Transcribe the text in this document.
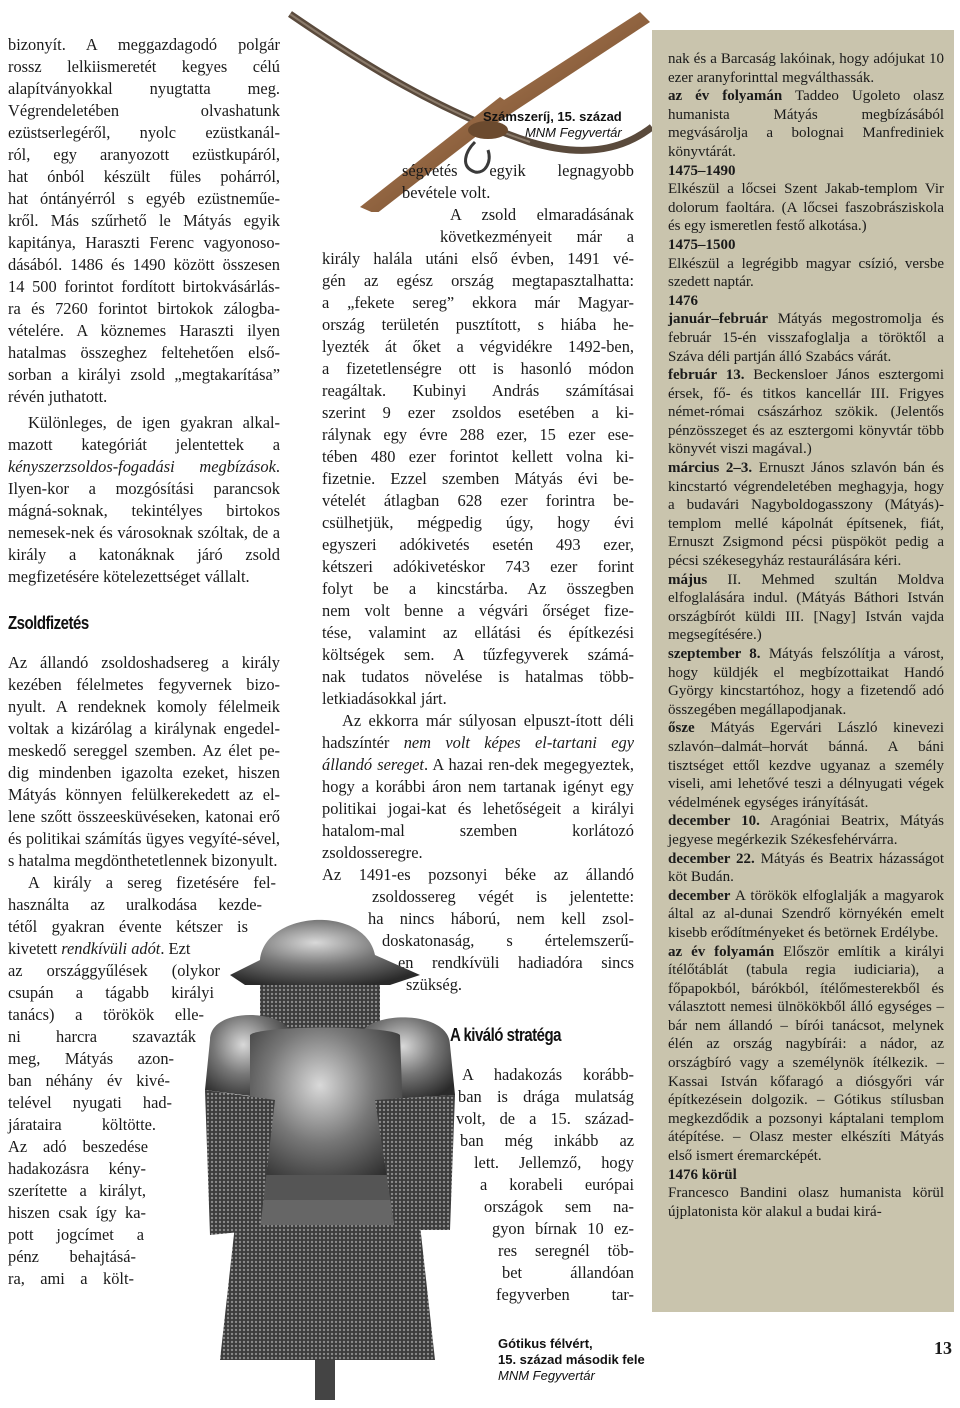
Számszeríj, 15. század
MNM Fegyvertár
bizonyít. A meggazdagodó polgár
rossz lelkiismeretét kegyes célú
alapítványokkal nyugtatta meg.
Végrendeletében olvashatunk
ezüstserlegéről, nyolc ezüstkanál-
ról, egy aranyozott ezüstkupáról,
hat ónból készült füles pohárról,
hat óntányérról s egyéb ezüstneműe-
kről. Más szűrhető le Mátyás egyik
kapitánya, Haraszti Ferenc vagyonoso-
dásából. 1486 és 1490 között összesen
14 500 forintot fordított birtokvásárlás-
ra és 7260 forintot birtokok zálogba-
vételére. A köznemes Haraszti ilyen
hatalmas összeghez feltehetően első-
sorban a királyi zsold „megtakarítása”
révén juthatott.

Különleges, de igen gyakran alkal-mazott kategóriát jelentettek a kényszerzsoldos-fogadási megbízások. Ilyen-kor a mozgósítási parancsok mágná-soknak, tekintélyes birtokos nemesek-nek és városoknak szóltak, de a király a katonáknak járó zsold megfizetésére kötelezettséget vállalt.

Zsoldfizetés

Az állandó zsoldoshadsereg a király kezében félelmetes fegyvernek bizo-nyult. A rendeknek komoly félelmeik voltak a kizárólag a királynak engedel-meskedő sereggel szemben. Az élet pe-dig mindenben igazolta ezeket, hiszen Mátyás könnyen felülkerekedett az el-lene szőtt összeesküvéseken, katonai erő és politikai számítás ügyes vegyíté-sével, s hatalma megdönthetetlennek bizonyult.

A király a sereg fizetésére fel-
használta az uralkodása kezde-
tétől gyakran évente kétszer is
kivetett rendkívüli adót. Ezt
az országgyűlések (olykor
csupán a tágabb királyi
tanács) a törökök elle-
ni harcra szavazták
meg, Mátyás azon-
ban néhány év kivé-
telével nyugati had-
járataira költötte.
Az adó beszedése
hadakozásra kény-
szerítette a királyt,
hiszen csak így ka-
pott jogcímet a
pénz behajtásá-
ra, ami a költ-
ségvetés egyik legnagyobb
bevétele volt.
A zsold elmaradásának
következményeit már a
király halála utáni első évben, 1491 vé-
gén az egész ország megtapasztalhatta:
a „fekete sereg” ekkora már Magyar-
ország területén pusztított, s hiába he-
lyezték át őket a végvidékre 1492-ben,
a fizetetlenségre ott is hasonló módon
reagáltak. Kubinyi András számításai
szerint 9 ezer zsoldos esetében a ki-
rálynak egy évre 288 ezer, 15 ezer ese-
tében 480 ezer forintot kellett volna ki-
fizetnie. Ezzel szemben Mátyás évi be-
vételét átlagban 628 ezer forintra be-
csülhetjük, mégpedig úgy, hogy évi
egyszeri adókivetés esetén 493 ezer,
kétszeri adókivetéskor 743 ezer forint
folyt be a kincstárba. Az összegben
nem volt benne a végvári őrséget fize-
tése, valamint az ellátási és építkezési
költségek sem. A tűzfegyverek számá-
nak tudatos növelése is hatalmas több-
letkiadásokkal járt.

Az ekkorra már súlyosan elpuszt-ított déli hadszíntér nem volt képes el-tartani egy állandó sereget. A hazai ren-dek megegyeztek, hogy a korábbi áron nem tartanak igényt egy politikai jogai-kat és lehetőségeit a királyi hatalom-mal szemben korlátozó zsoldosseregre.

Az 1491-es pozsonyi béke az állandó
zsoldossereg végét is jelentette:
ha nincs háború, nem kell zsol-
doskatonaság, s értelemszerű-
en rendkívüli hadiadóra sincs
szükség.
A kiváló stratéga
A hadakozás korább-
ban is drága mulatság
volt, de a 15. század-
ban még inkább az
lett. Jellemző, hogy
a korabeli európai
országok sem na-
gyon bírnak 10 ez-
res seregnél töb-
bet állandóan
fegyverben tar-
Gótikus félvért,
15. század második fele
MNM Fegyvertár

nak és a Barcaság lakóinak, hogy adójukat 10 ezer aranyforinttal megválthassák.

az év folyamán Taddeo Ugoleto olasz humanista Mátyás megbízásából megvásárolja a bolognai Manfrediniek könyvtárát.

1475–1490

Elkészül a lőcsei Szent Jakab-templom Vir dolorum faoltára. (A lőcsei faszobrásziskola és egy ismeretlen festő alkotása.)

1475–1500

Elkészül a legrégibb magyar csízió, versbe szedett naptár.

1476

január–február Mátyás megostromolja és február 15-én visszafoglalja a töröktől a Száva déli partján álló Szabács várát.

február 13. Beckensloer János esztergomi érsek, fő- és titkos kancellár III. Frigyes német-római császárhoz szökik. (Jelentős pénzösszeget és az esztergomi könyvtár több könyvét viszi magával.)

március 2–3. Ernuszt János szlavón bán és kincstartó végrendeletében meghagyja, hogy a budavári Nagyboldogasszony (Mátyás)-templom mellé kápolnát építsenek, fiát, Ernuszt Zsigmond pécsi püspököt pedig a pécsi székesegyház restaurálására kéri.

május II. Mehmed szultán Moldva elfoglalására indul. (Mátyás Báthori István országbírót küldi III. [Nagy] István vajda megsegítésére.)

szeptember 8. Mátyás felszólítja a várost, hogy küldjék el megbízottaikat Handó György kincstartóhoz, hogy a fizetendő adó összegében megállapodjanak.

ősze Mátyás Egervári László kinevezi szlavón–dalmát–horvát bánná. A báni tisztséget ettől kezdve ugyanaz a személy viseli, ami lehetővé teszi a délnyugati végek védelmének egységes irányítását.

december 10. Aragóniai Beatrix, Mátyás jegyese megérkezik Székesfehérvárra.

december 22. Mátyás és Beatrix házasságot köt Budán.

december A törökök elfoglalják a magyarok által az al-dunai Szendrő környékén emelt kisebb erődítményeket és betörnek Erdélybe.

az év folyamán Először említik a királyi ítélőtáblát (tabula regia iudiciaria), a főpapokból, bárókból, ítélőmesterekből és választott nemesi ülnökökből álló egységes – bár nem állandó – bírói tanácsot, melynek élén az ország nagybírái: a nádor, az országbíró vagy a személynök ítélkezik. – Kassai István kőfaragó a diósgyőri vár építkezésein dolgozik. – Gótikus stílusban megkezdődik a pozsonyi káptalani templom átépítése. – Olasz mester elkészíti Mátyás első ismert éremarcképét.

1476 körül

Francesco Bandini olasz humanista körül újplatonista kör alakul a budai kirá-

13
